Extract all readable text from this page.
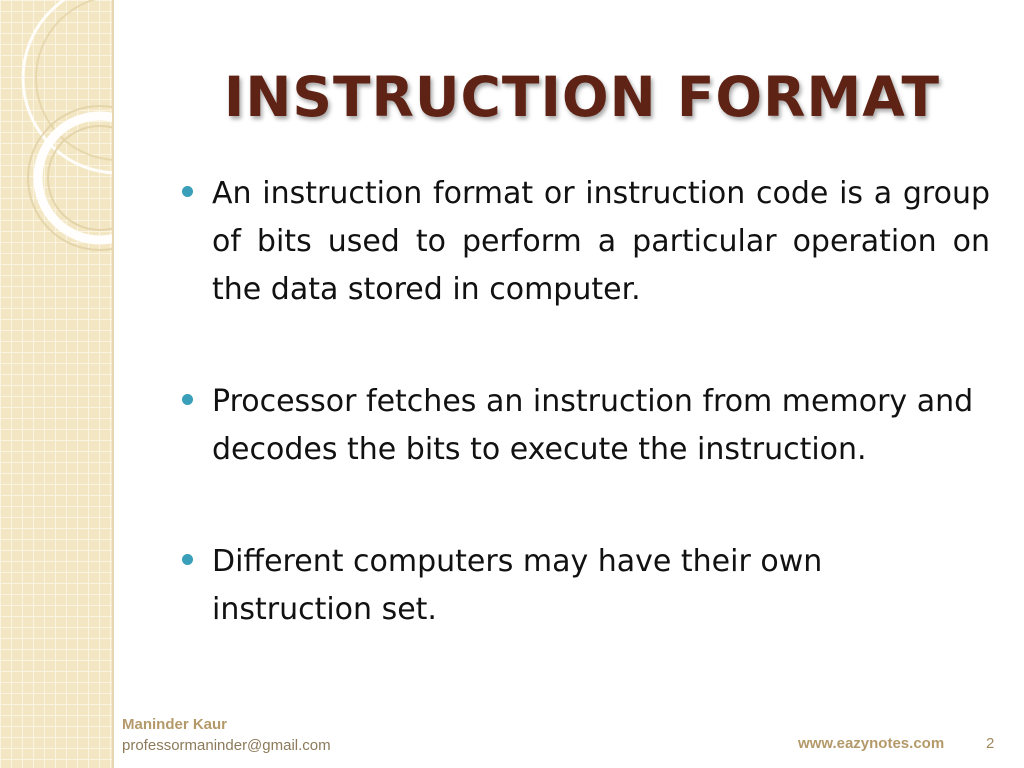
INSTRUCTION FORMAT
An instruction format or instruction code is a group of bits used to perform a particular operation on the data stored in computer.
Processor fetches an instruction from memory and decodes the bits to execute the instruction.
Different computers may have their own instruction set.
Maninder Kaur
professormaninder@gmail.com	www.eazynotes.com	2
